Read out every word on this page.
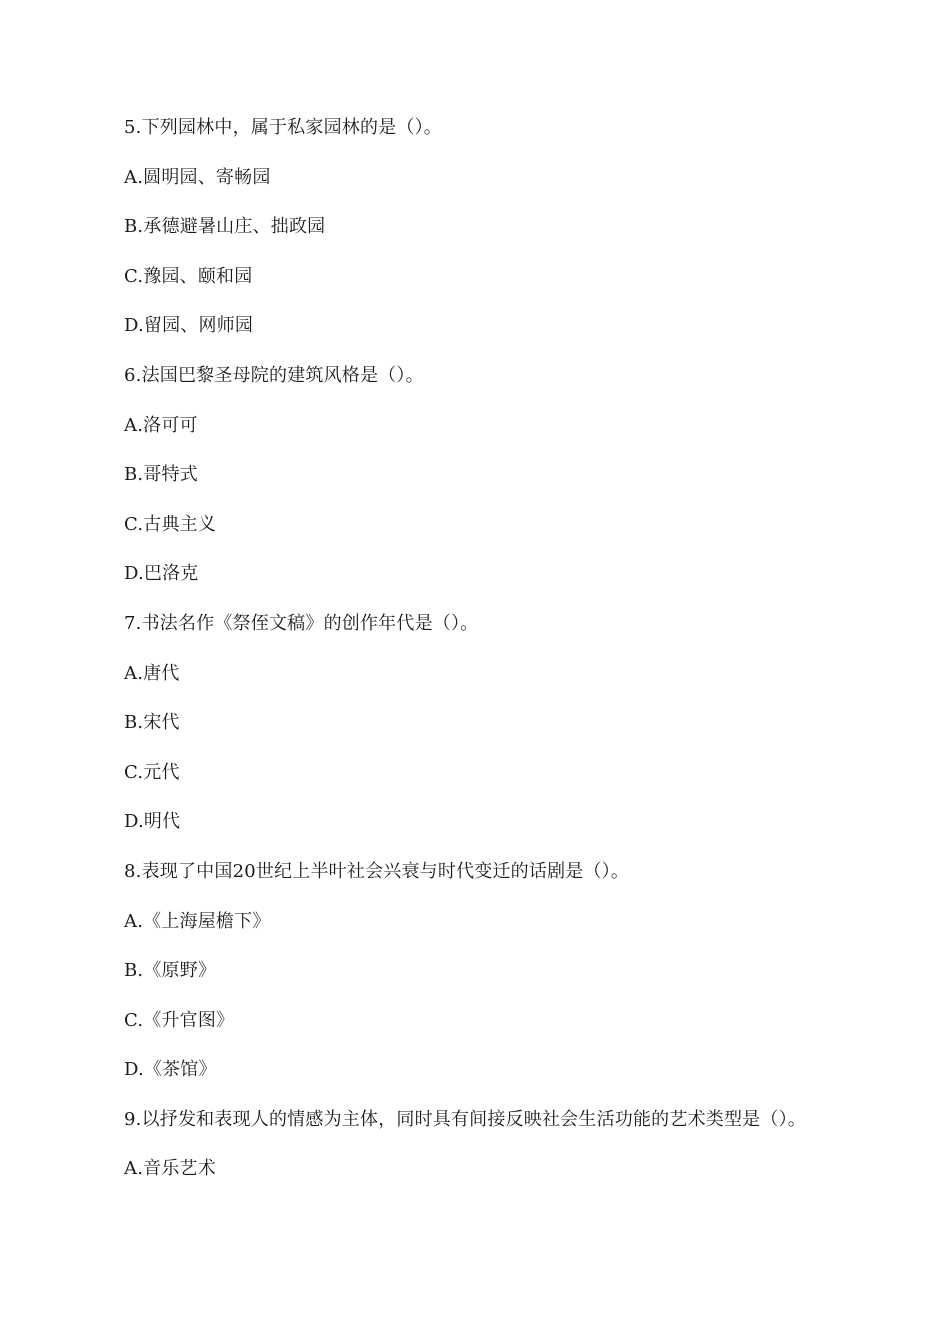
5.下列园林中，属于私家园林的是（）。
A.圆明园、寄畅园
B.承德避暑山庄、拙政园
C.豫园、颐和园
D.留园、网师园
6.法国巴黎圣母院的建筑风格是（）。
A.洛可可
B.哥特式
C.古典主义
D.巴洛克
7.书法名作《祭侄文稿》的创作年代是（）。
A.唐代
B.宋代
C.元代
D.明代
8.表现了中国20世纪上半叶社会兴衰与时代变迁的话剧是（）。
A.《上海屋檐下》
B.《原野》
C.《升官图》
D.《茶馆》
9.以抒发和表现人的情感为主体，同时具有间接反映社会生活功能的艺术类型是（）。
A.音乐艺术
